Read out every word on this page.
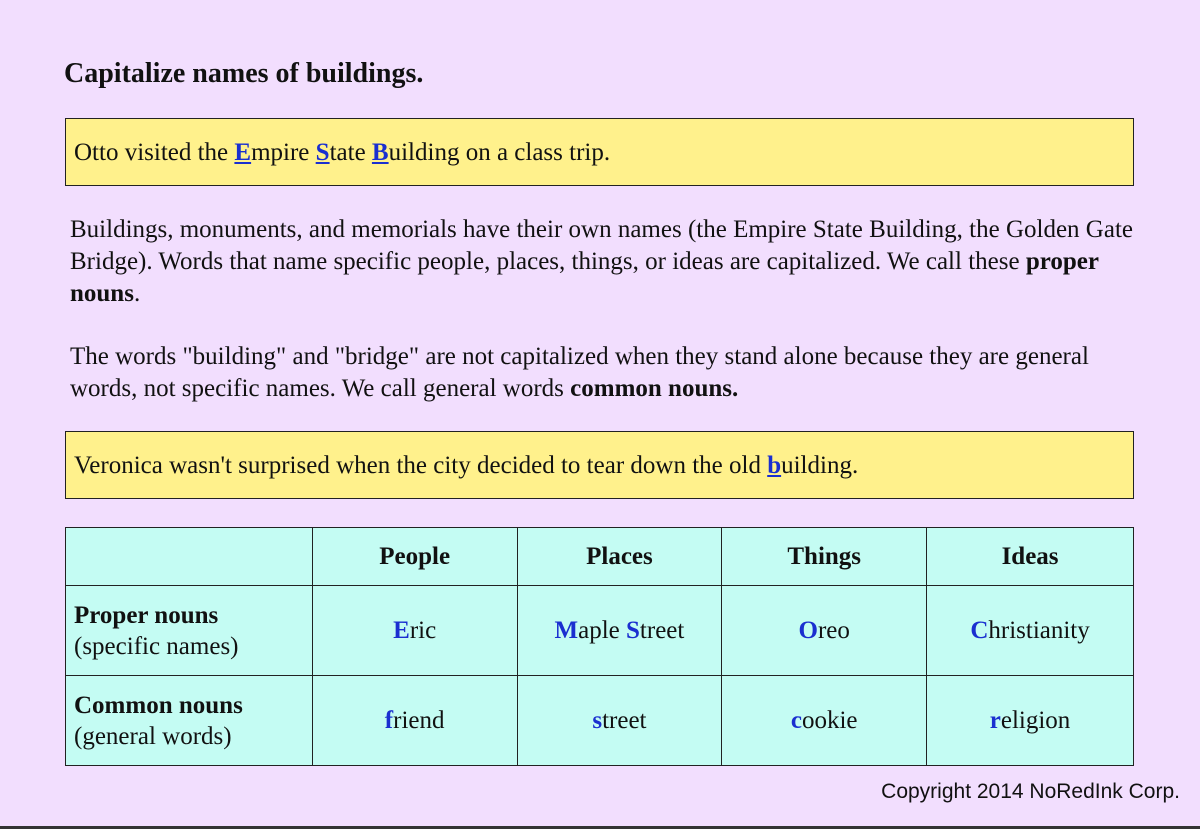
Capitalize names of buildings.
Otto visited the Empire State Building on a class trip.

Buildings, monuments, and memorials have their own names (the Empire State Building, the Golden Gate Bridge). Words that name specific people, places, things, or ideas are capitalized. We call these proper nouns.

The words "building" and "bridge" are not capitalized when they stand alone because they are general words, not specific names. We call general words common nouns.

Veronica wasn't surprised when the city decided to tear down the old building.
	People	Places	Things	Ideas

Proper nouns
(specific names)	Eric	Maple Street	Oreo	Christianity

Common nouns
(general words)	friend	street	cookie	religion
Copyright 2014 NoRedInk Corp.
